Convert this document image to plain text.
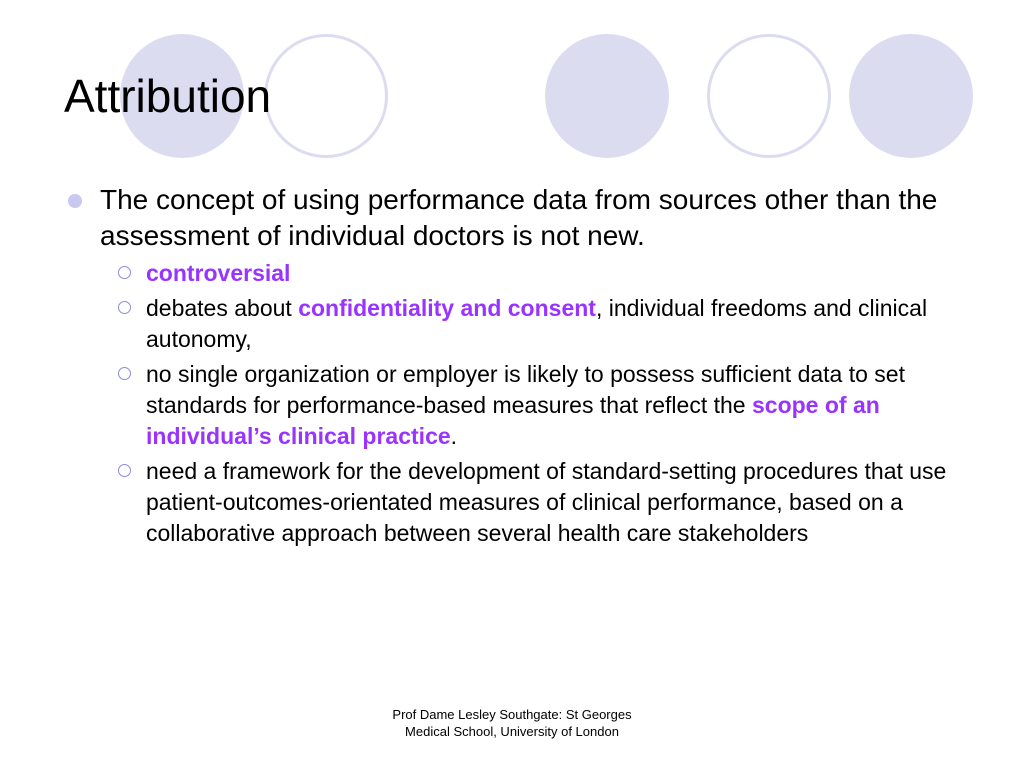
Attribution
The concept of using performance data from sources other than the assessment of individual doctors is not new.
controversial
debates about confidentiality and consent, individual freedoms and clinical autonomy,
no single organization or employer is likely to possess sufficient data to set standards for performance-based measures that reflect the scope of an individual’s clinical practice.
need a framework for the development of standard-setting procedures that use patient-outcomes-orientated measures of clinical performance, based on a collaborative approach between several health care stakeholders
Prof Dame Lesley Southgate: St Georges
Medical School, University of London
